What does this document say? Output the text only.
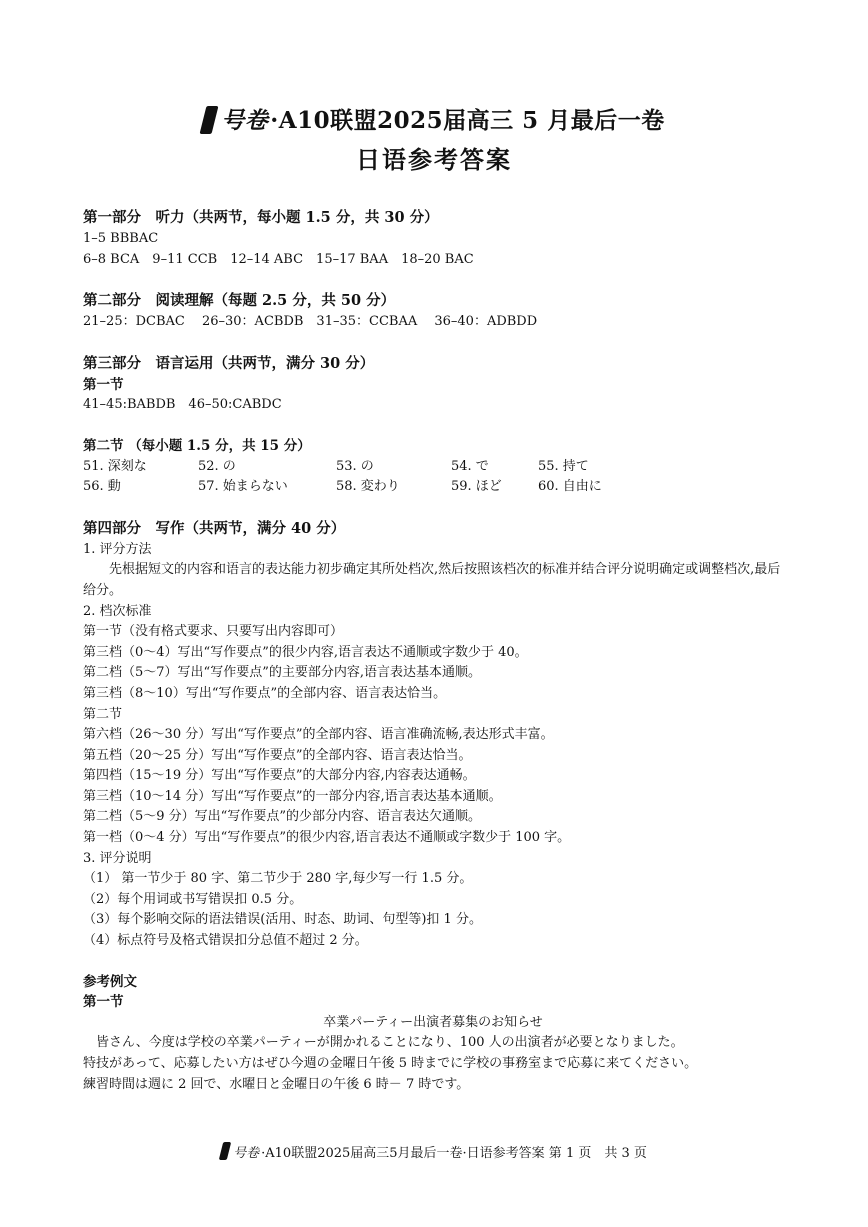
号卷·A10联盟2025届高三 5 月最后一卷
日语参考答案

第一部分　听力（共两节，每小题 1.5 分，共 30 分）

1–5 BBBAC

6–8 BCA　9–11 CCB　12–14 ABC　15–17 BAA　18–20 BAC

第二部分　阅读理解（每题 2.5 分，共 50 分）

21–25：DCBAC　 26–30：ACBDB　31–35：CCBAA　 36–40：ADBDD

第三部分　语言运用（共两节，满分 30 分）

第一节

41–45:BABDB　46–50:CABDC

第二节 （每小题 1.5 分，共 15 分）

51. 深刻な	52. の	53. の	54. で	55. 持て
56. 動	57. 始まらない	58. 変わり	59. ほど	60. 自由に

第四部分　写作（共两节，满分 40 分）

1. 评分方法

先根据短文的内容和语言的表达能力初步确定其所处档次,然后按照该档次的标准并结合评分说明确定或调整档次,最后给分。

2. 档次标准

第一节（没有格式要求、只要写出内容即可）

第三档（0～4）写出“写作要点”的很少内容,语言表达不通顺或字数少于 40。

第二档（5～7）写出“写作要点”的主要部分内容,语言表达基本通顺。

第三档（8～10）写出“写作要点”的全部内容、语言表达恰当。

第二节

第六档（26～30 分）写出“写作要点”的全部内容、语言准确流畅,表达形式丰富。

第五档（20～25 分）写出“写作要点”的全部内容、语言表达恰当。

第四档（15～19 分）写出“写作要点”的大部分内容,内容表达通畅。

第三档（10～14 分）写出“写作要点”的一部分内容,语言表达基本通顺。

第二档（5～9 分）写出“写作要点”的少部分内容、语言表达欠通顺。

第一档（0～4 分）写出“写作要点”的很少内容,语言表达不通顺或字数少于 100 字。

3. 评分说明

（1） 第一节少于 80 字、第二节少于 280 字,每少写一行 1.5 分。

（2）每个用词或书写错误扣 0.5 分。

（3）每个影响交际的语法错误(活用、时态、助词、句型等)扣 1 分。

（4）标点符号及格式错误扣分总值不超过 2 分。

参考例文

第一节

卒業パーティー出演者募集のお知らせ

皆さん、今度は学校の卒業パーティーが開かれることになり、100 人の出演者が必要となりました。

特技があって、応募したい方はぜひ今週の金曜日午後 5 時までに学校の事務室まで応募に来てください。

練習時間は週に 2 回で、水曜日と金曜日の午後 6 時－ 7 時です。

号卷 ·A10联盟2025届高三5月最后一卷·日语参考答案 第 1 页　共 3 页
